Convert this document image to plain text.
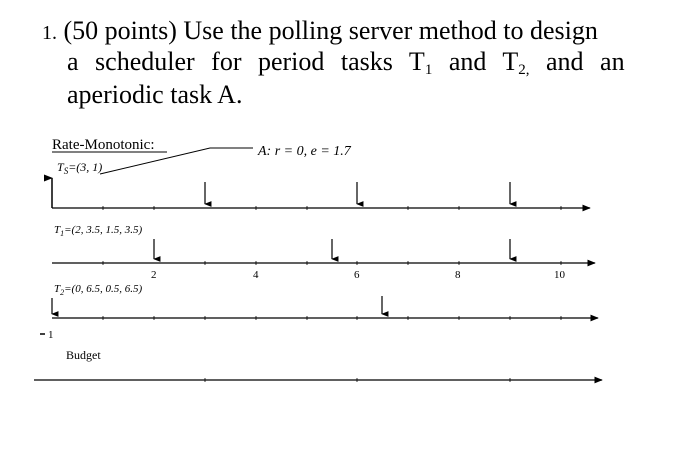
1. (50 points) Use the polling server method to design
a scheduler for period tasks $T_1$ and $T_{2,}$ and an
aperiodic task A.
Rate-Monotonic:
$T_S=(3$, 1)
A: r = 0, e = 1.7
$T_1=(2$, 3.5, 1.5, 3.5)
2	4	6	8	10
$T_2=(0$, 6.5, 0.5, 6.5)
1
Budget
